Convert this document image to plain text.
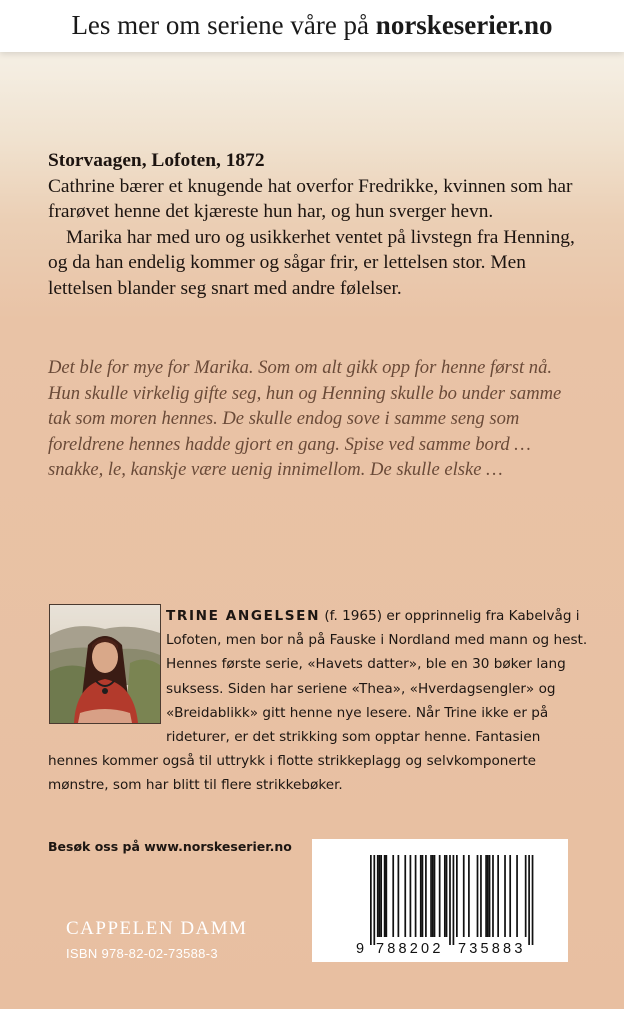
Les mer om seriene våre på norskeserier.no
Storvaagen, Lofoten, 1872

Cathrine bærer et knugende hat overfor Fredrikke, kvinnen som har frarøvet henne det kjæreste hun har, og hun sverger hevn.

Marika har med uro og usikkerhet ventet på livstegn fra Henning, og da han endelig kommer og sågar frir, er lettelsen stor. Men lettelsen blander seg snart med andre følelser.

Det ble for mye for Marika. Som om alt gikk opp for henne først nå. Hun skulle virkelig gifte seg, hun og Henning skulle bo under samme tak som moren hennes. De skulle endog sove i samme seng som foreldrene hennes hadde gjort en gang. Spise ved samme bord … snakke, le, kanskje være uenig innimellom. De skulle elske …
TRINE ANGELSEN (f. 1965) er opprinnelig fra Kabelvåg i Lofoten, men bor nå på Fauske i Nordland med mann og hest. Hennes første serie, «Havets datter», ble en 30 bøker lang suksess. Siden har seriene «Thea», «Hverdagsengler» og «Breidablikk» gitt henne nye lesere. Når Trine ikke er på rideturer, er det strikking som opptar henne. Fantasien hennes kommer også til uttrykk i flotte strikkeplagg og selvkomponerte mønstre, som har blitt til flere strikkebøker.
Besøk oss på www.norskeserier.no
CAPPELEN DAMM
ISBN 978-82-02-73588-3	9 788202 735883
